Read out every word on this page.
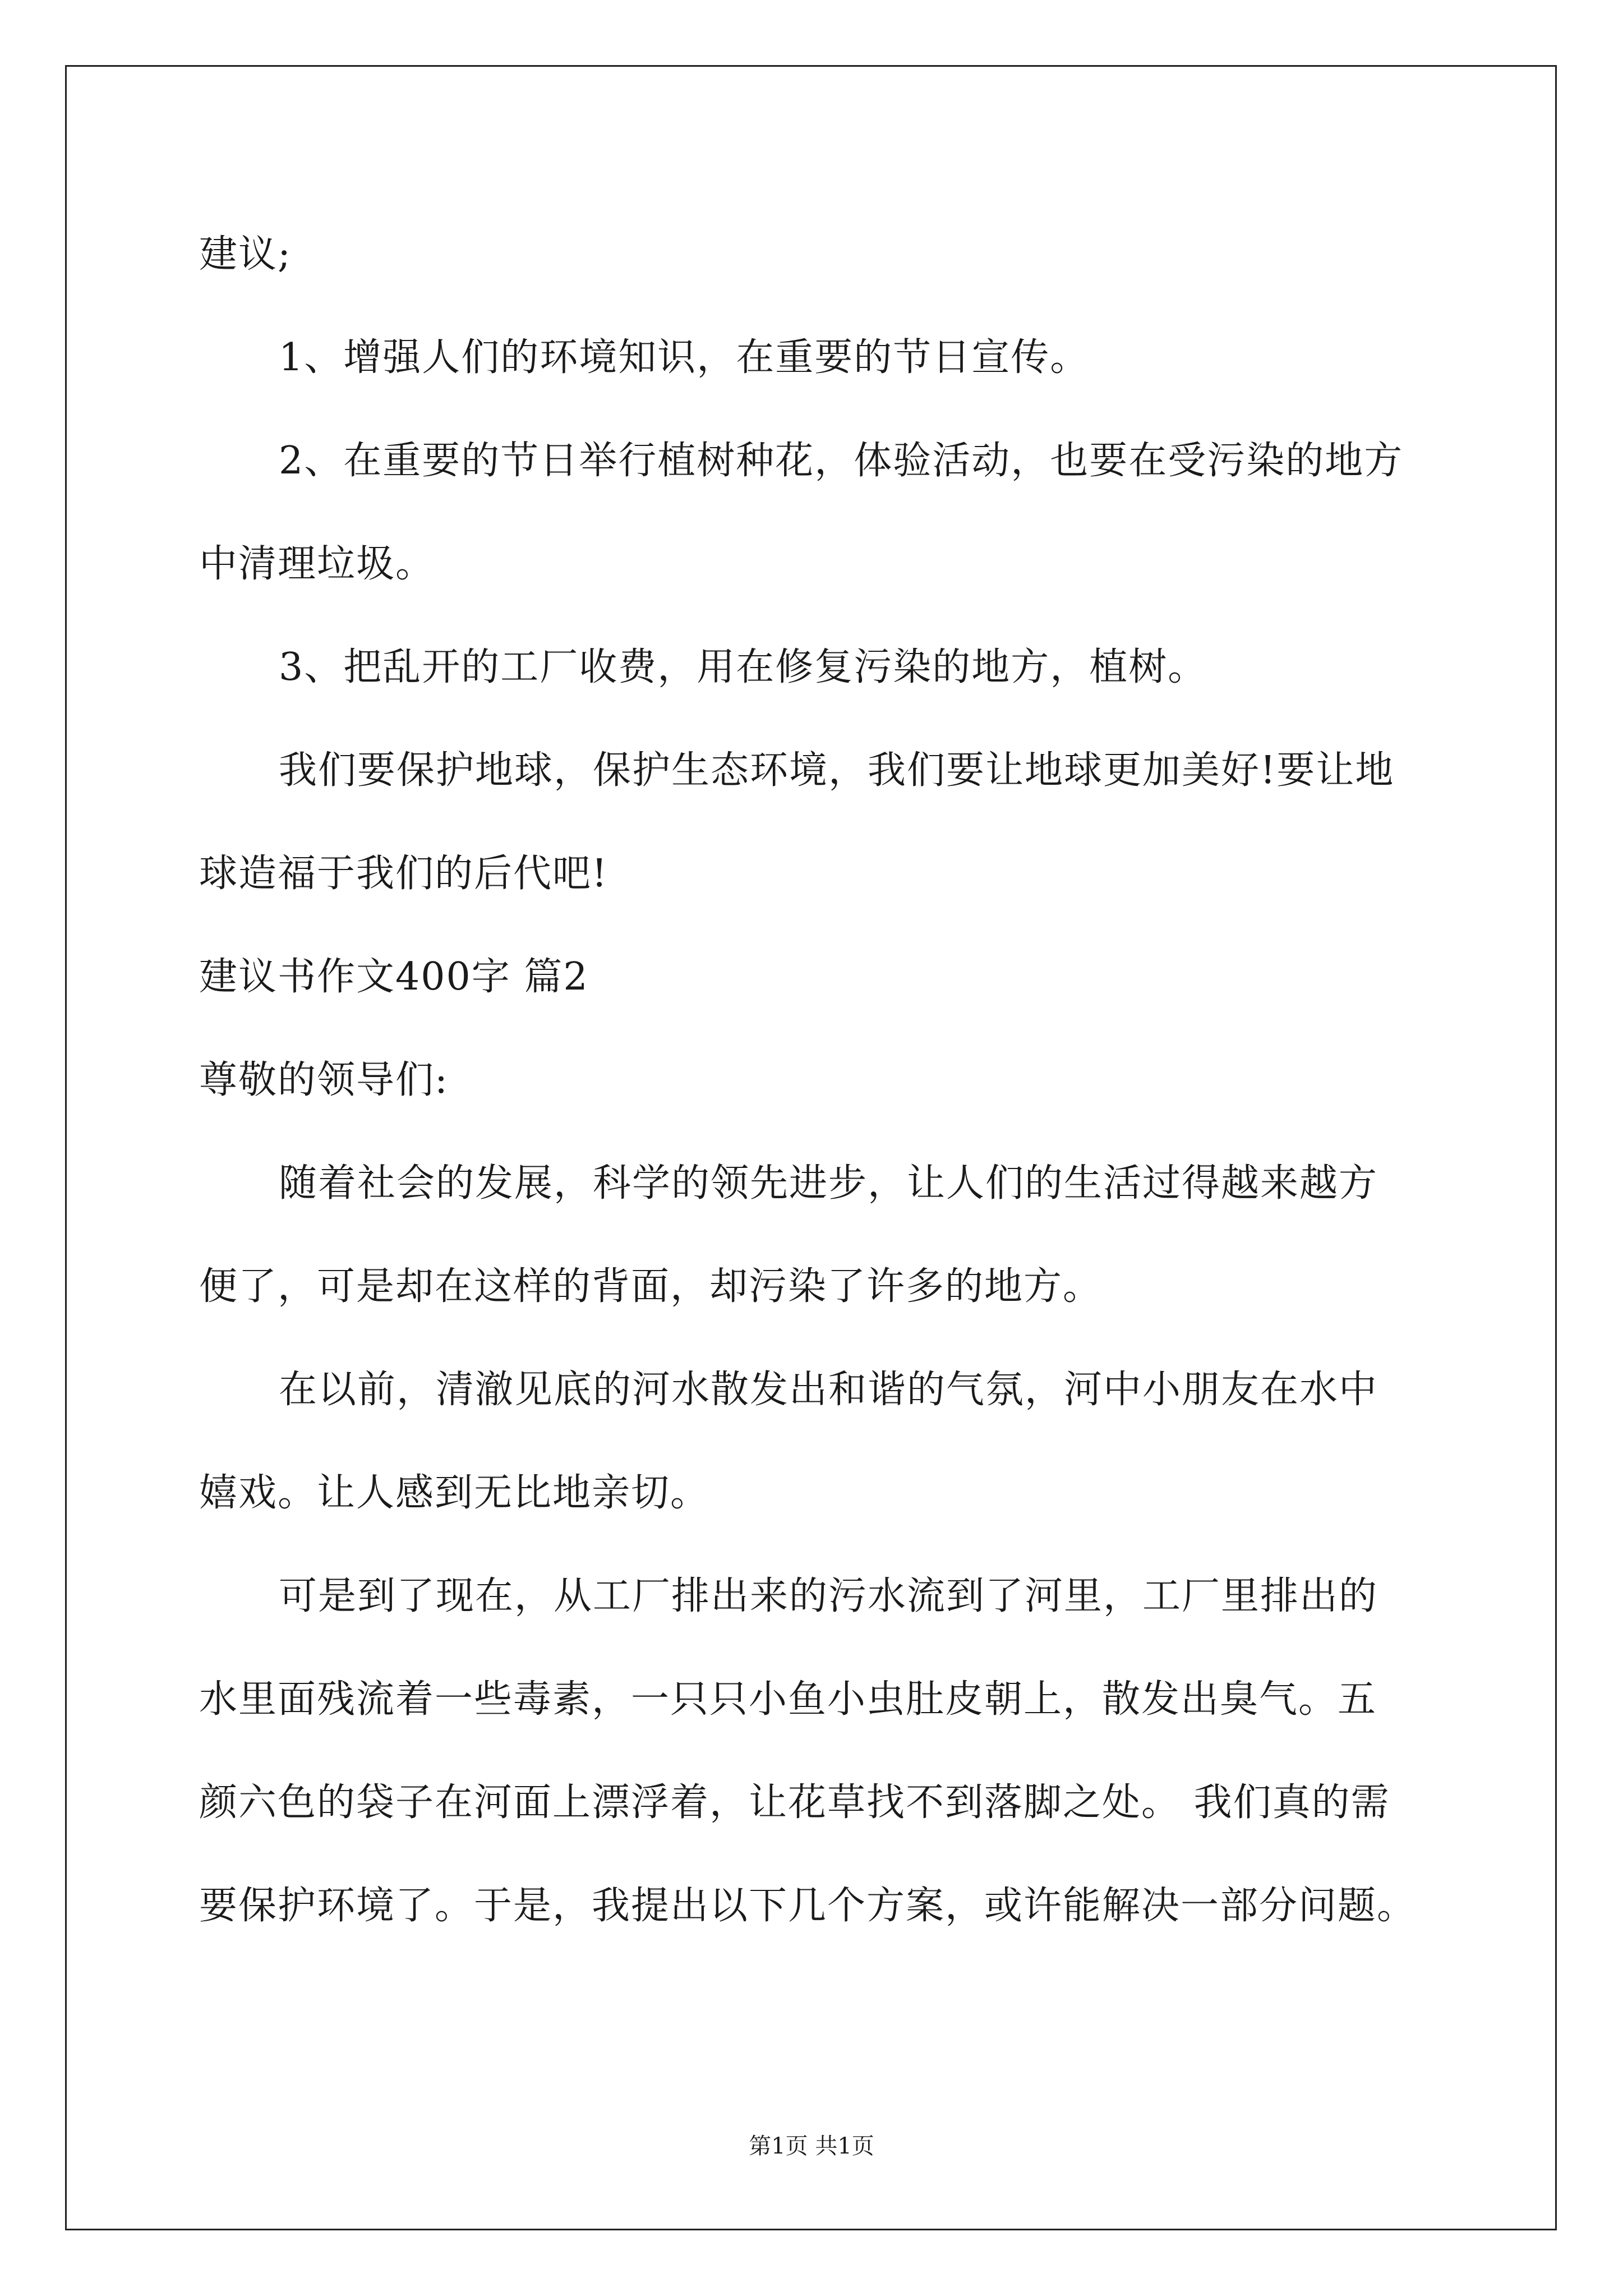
建议;
1、增强人们的环境知识，在重要的节日宣传。
2、在重要的节日举行植树种花，体验活动，也要在受污染的地方
中清理垃圾。
3、把乱开的工厂收费，用在修复污染的地方，植树。
我们要保护地球，保护生态环境，我们要让地球更加美好!要让地
球造福于我们的后代吧!
建议书作文400字 篇2
尊敬的领导们:
随着社会的发展，科学的领先进步，让人们的生活过得越来越方
便了，可是却在这样的背面，却污染了许多的地方。
在以前，清澈见底的河水散发出和谐的气氛，河中小朋友在水中
嬉戏。让人感到无比地亲切。
可是到了现在，从工厂排出来的污水流到了河里，工厂里排出的
水里面残流着一些毒素，一只只小鱼小虫肚皮朝上，散发出臭气。五
颜六色的袋子在河面上漂浮着，让花草找不到落脚之处。 我们真的需
要保护环境了。于是，我提出以下几个方案，或许能解决一部分问题。
第1页 共1页
